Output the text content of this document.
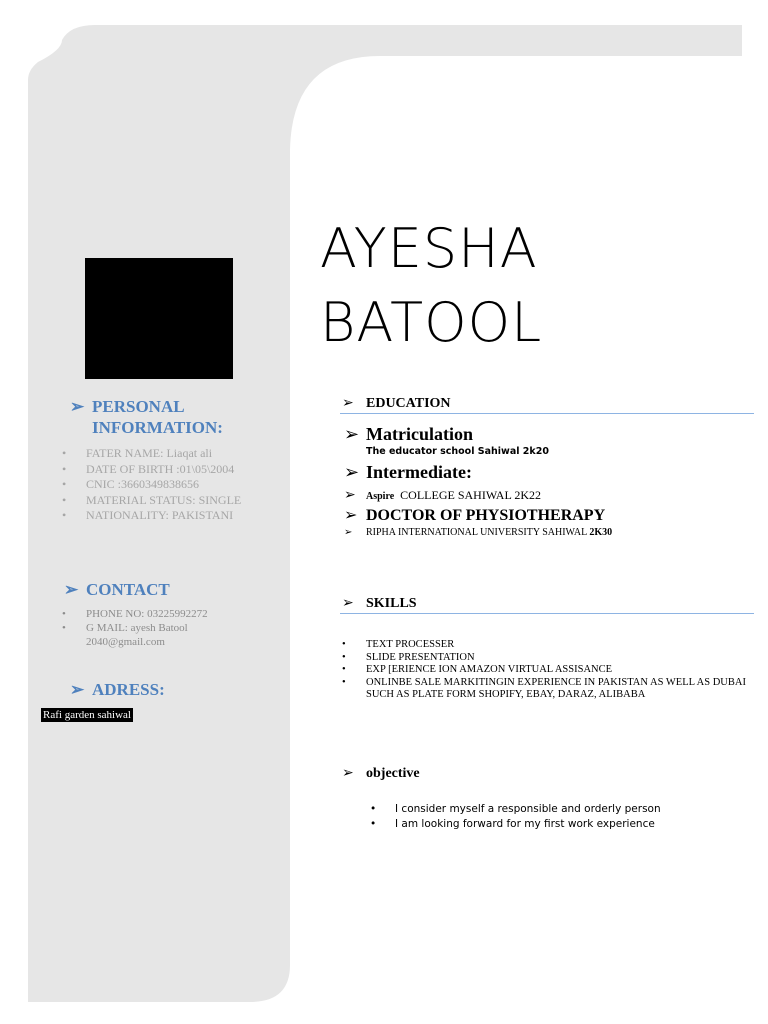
➢ PERSONAL
INFORMATION:
• FATER NAME: Liaqat ali
• DATE OF BIRTH :01\05\2004
• CNIC :3660349838656
• MATERIAL STATUS: SINGLE
• NATIONALITY: PAKISTANI
➢ CONTACT
• PHONE NO: 03225992272
• G MAIL: ayesh Batool
2040@gmail.com
➢ ADRESS:
Rafi garden sahiwal
AYESHA
BATOOL
➢ EDUCATION
➢ Matriculation
The educator school Sahiwal 2k20
➢ Intermediate:
➢ Aspire COLLEGE SAHIWAL 2K22
➢ DOCTOR OF PHYSIOTHERAPY
➢ RIPHA INTERNATIONAL UNIVERSITY SAHIWAL 2K30
➢ SKILLS
• TEXT PROCESSER
• SLIDE PRESENTATION
• EXP [ERIENCE ION AMAZON VIRTUAL ASSISANCE
• ONLINBE SALE MARKITINGIN EXPERIENCE IN PAKISTAN AS WELL AS DUBAI SUCH AS PLATE FORM SHOPIFY, EBAY, DARAZ, ALIBABA
➢ objective
• I consider myself a responsible and orderly person
• I am looking forward for my first work experience
